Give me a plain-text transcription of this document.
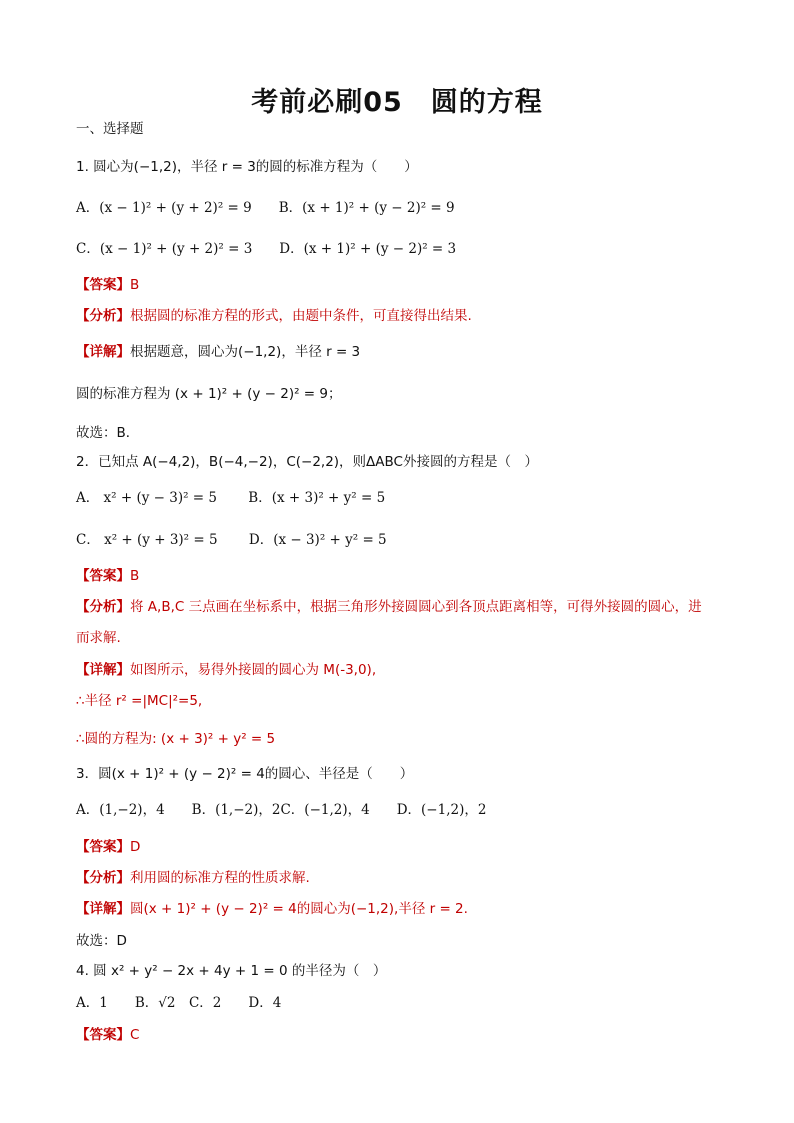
考前必刷05　圆的方程
一、选择题
1. 圆心为(−1,2)，半径 r = 3的圆的标准方程为（　　）
A．(x − 1)² + (y + 2)² = 9　　B．(x + 1)² + (y − 2)² = 9
C．(x − 1)² + (y + 2)² = 3　　D．(x + 1)² + (y − 2)² = 3
【答案】B
【分析】根据圆的标准方程的形式，由题中条件，可直接得出结果.
【详解】根据题意，圆心为(−1,2)，半径 r = 3
圆的标准方程为 (x + 1)² + (y − 2)² = 9；
故选：B．
2．已知点 A(−4,2)，B(−4,−2)，C(−2,2)，则ΔABC外接圆的方程是（　）
A． x² + (y − 3)² = 5　　 B．(x + 3)² + y² = 5
C． x² + (y + 3)² = 5　　 D．(x − 3)² + y² = 5
【答案】B
【分析】将 A,B,C 三点画在坐标系中，根据三角形外接圆圆心到各顶点距离相等，可得外接圆的圆心，进
而求解.
【详解】如图所示，易得外接圆的圆心为 M(-3,0),
∴半径 r² =|MC|²=5,
∴圆的方程为: (x + 3)² + y² = 5
3．圆(x + 1)² + (y − 2)² = 4的圆心、半径是（　　）
A．(1,−2)，4　　B．(1,−2)，2C．(−1,2)，4　　D．(−1,2)，2
【答案】D
【分析】利用圆的标准方程的性质求解.
【详解】圆(x + 1)² + (y − 2)² = 4的圆心为(−1,2),半径 r = 2.
故选：D
4. 圆 x² + y² − 2x + 4y + 1 = 0 的半径为（　）
A．1　　B．√2　C．2　　D．4
【答案】C
